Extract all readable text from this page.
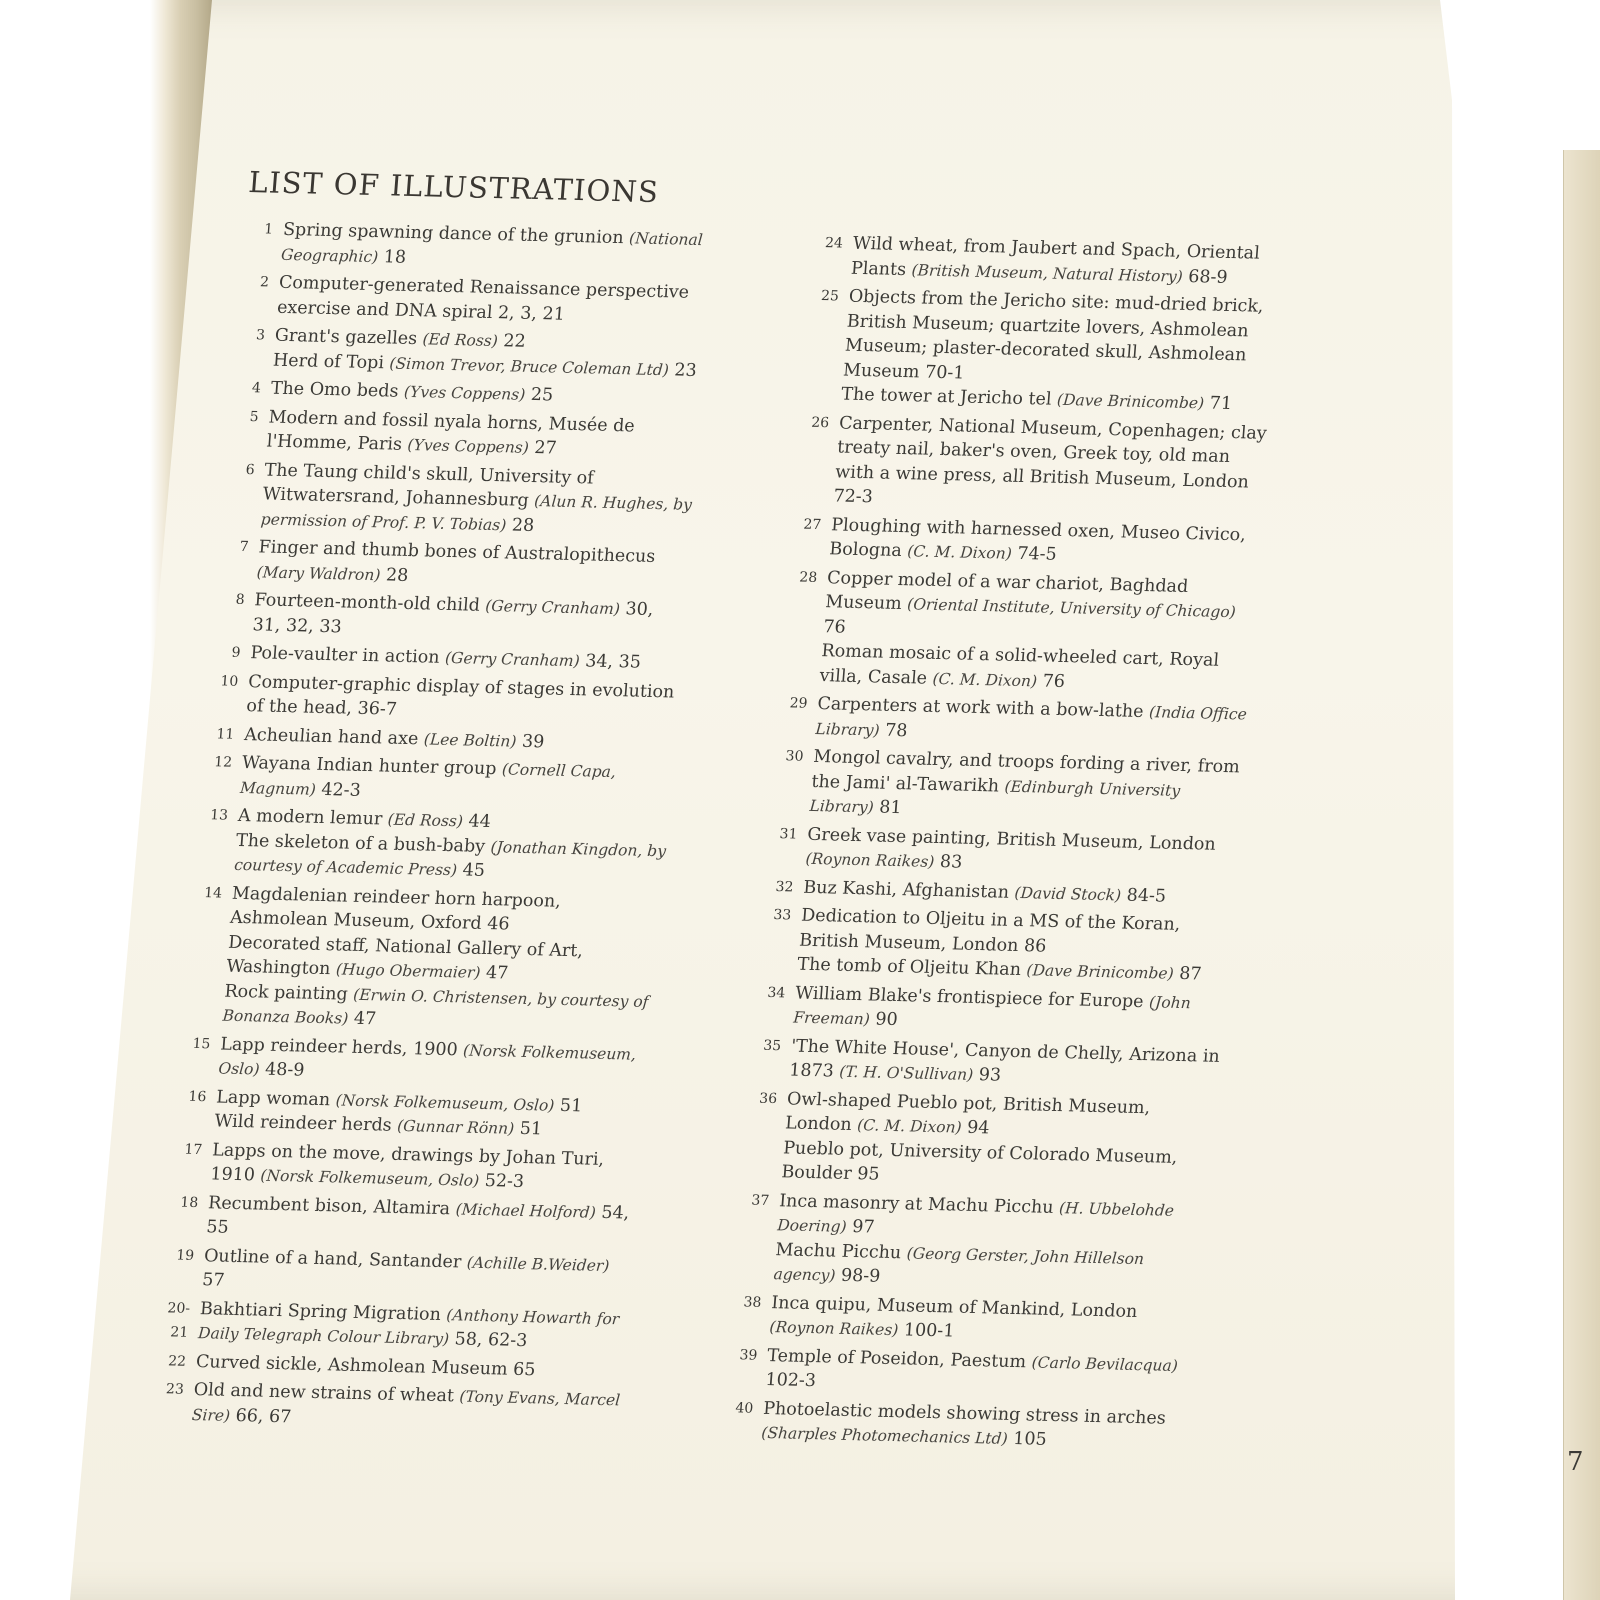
LIST OF ILLUSTRATIONS
1 Spring spawning dance of the grunion (National Geographic) 18
2 Computer-generated Renaissance perspective exercise and DNA spiral 2, 3, 21
3 Grant's gazelles (Ed Ross) 22
Herd of Topi (Simon Trevor, Bruce Coleman Ltd) 23
4 The Omo beds (Yves Coppens) 25
5 Modern and fossil nyala horns, Musée de l'Homme, Paris (Yves Coppens) 27
6 The Taung child's skull, University of Witwatersrand, Johannesburg (Alun R. Hughes, by permission of Prof. P. V. Tobias) 28
7 Finger and thumb bones of Australopithecus (Mary Waldron) 28
8 Fourteen-month-old child (Gerry Cranham) 30, 31, 32, 33
9 Pole-vaulter in action (Gerry Cranham) 34, 35
10 Computer-graphic display of stages in evolution of the head, 36-7
11 Acheulian hand axe (Lee Boltin) 39
12 Wayana Indian hunter group (Cornell Capa, Magnum) 42-3
13 A modern lemur (Ed Ross) 44
The skeleton of a bush-baby (Jonathan Kingdon, by courtesy of Academic Press) 45
14 Magdalenian reindeer horn harpoon, Ashmolean Museum, Oxford 46
Decorated staff, National Gallery of Art, Washington (Hugo Obermaier) 47
Rock painting (Erwin O. Christensen, by courtesy of Bonanza Books) 47
15 Lapp reindeer herds, 1900 (Norsk Folkemuseum, Oslo) 48-9
16 Lapp woman (Norsk Folkemuseum, Oslo) 51
Wild reindeer herds (Gunnar Rönn) 51
17 Lapps on the move, drawings by Johan Turi, 1910 (Norsk Folkemuseum, Oslo) 52-3
18 Recumbent bison, Altamira (Michael Holford) 54, 55
19 Outline of a hand, Santander (Achille B.Weider) 57
20-21
Bakhtiari Spring Migration (Anthony Howarth for Daily Telegraph Colour Library) 58, 62-3
22 Curved sickle, Ashmolean Museum 65
23 Old and new strains of wheat (Tony Evans, Marcel Sire) 66, 67
24 Wild wheat, from Jaubert and Spach, Oriental Plants (British Museum, Natural History) 68-9
25 Objects from the Jericho site: mud-dried brick, British Museum; quartzite lovers, Ashmolean Museum; plaster-decorated skull, Ashmolean Museum 70-1
The tower at Jericho tel (Dave Brinicombe) 71
26 Carpenter, National Museum, Copenhagen; clay treaty nail, baker's oven, Greek toy, old man with a wine press, all British Museum, London 72-3
27 Ploughing with harnessed oxen, Museo Civico, Bologna (C. M. Dixon) 74-5
28 Copper model of a war chariot, Baghdad Museum (Oriental Institute, University of Chicago) 76
Roman mosaic of a solid-wheeled cart, Royal villa, Casale (C. M. Dixon) 76
29 Carpenters at work with a bow-lathe (India Office Library) 78
30 Mongol cavalry, and troops fording a river, from the Jami' al-Tawarikh (Edinburgh University Library) 81
31 Greek vase painting, British Museum, London (Roynon Raikes) 83
32 Buz Kashi, Afghanistan (David Stock) 84-5
33 Dedication to Oljeitu in a MS of the Koran, British Museum, London 86
The tomb of Oljeitu Khan (Dave Brinicombe) 87
34 William Blake's frontispiece for Europe (John Freeman) 90
35 'The White House', Canyon de Chelly, Arizona in 1873 (T. H. O'Sullivan) 93
36 Owl-shaped Pueblo pot, British Museum, London (C. M. Dixon) 94
Pueblo pot, University of Colorado Museum, Boulder 95
37 Inca masonry at Machu Picchu (H. Ubbelohde Doering) 97
Machu Picchu (Georg Gerster, John Hillelson agency) 98-9
38 Inca quipu, Museum of Mankind, London (Roynon Raikes) 100-1
39 Temple of Poseidon, Paestum (Carlo Bevilacqua) 102-3
40 Photoelastic models showing stress in arches (Sharples Photomechanics Ltd) 105
7
